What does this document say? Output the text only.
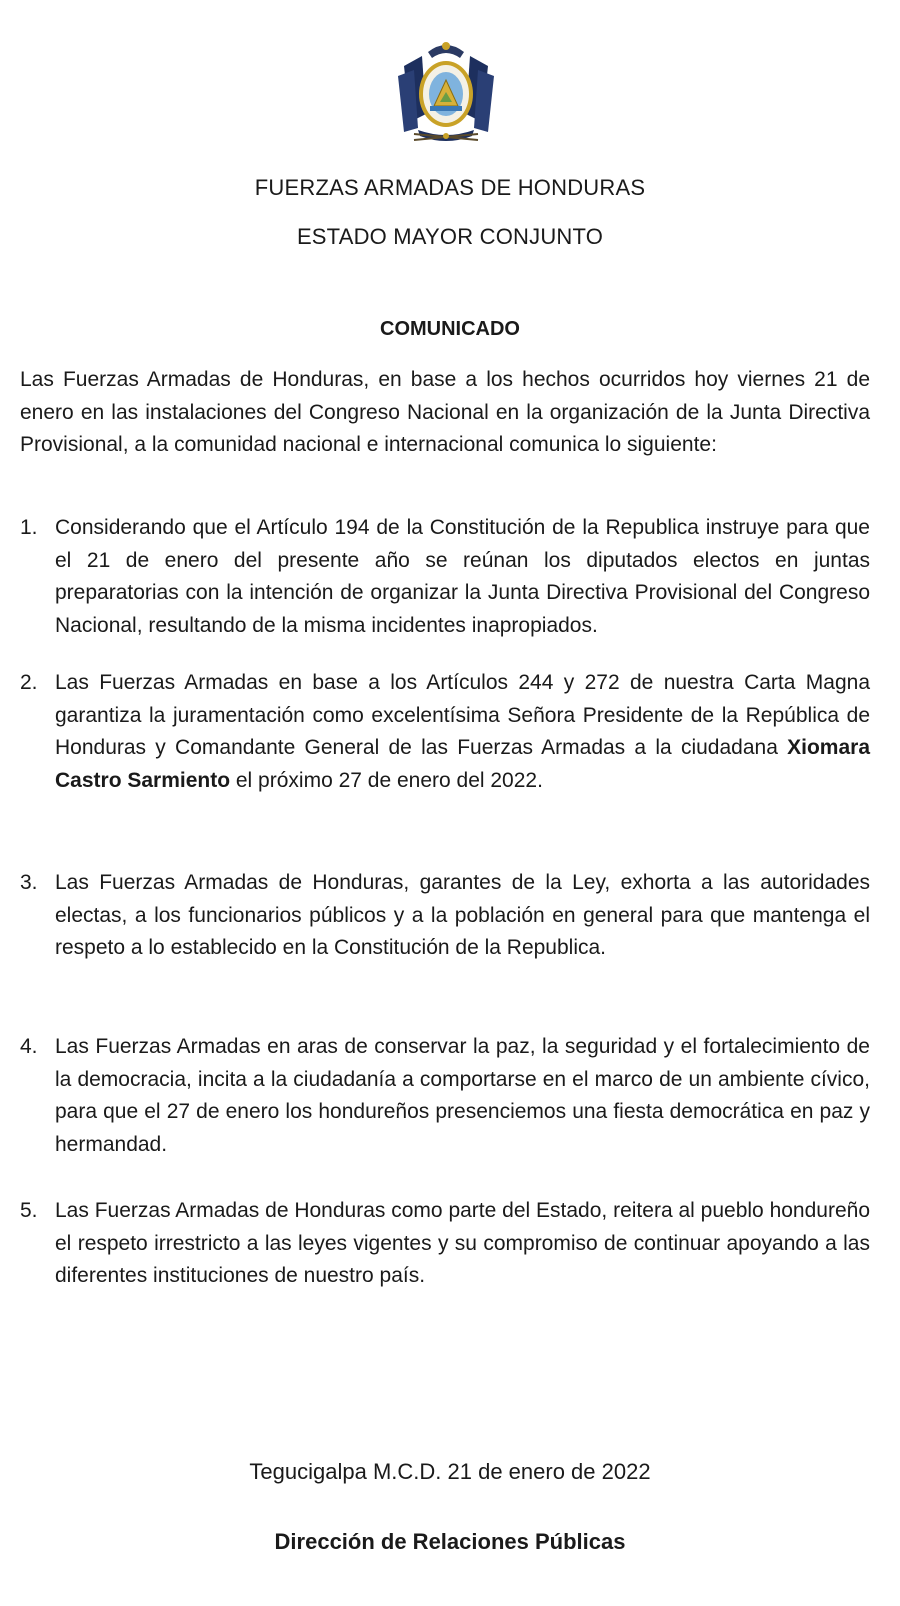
FUERZAS ARMADAS DE HONDURAS
ESTADO MAYOR CONJUNTO
COMUNICADO
Las Fuerzas Armadas de Honduras, en base a los hechos ocurridos hoy viernes 21 de enero en las instalaciones del Congreso Nacional en la organización de la Junta Directiva Provisional, a la comunidad nacional e internacional comunica lo siguiente:
1. Considerando que el Artículo 194 de la Constitución de la Republica instruye para que el 21 de enero del presente año se reúnan los diputados electos en juntas preparatorias con la intención de organizar la Junta Directiva Provisional del Congreso Nacional, resultando de la misma incidentes inapropiados.
2. Las Fuerzas Armadas en base a los Artículos 244 y 272 de nuestra Carta Magna garantiza la juramentación como excelentísima Señora Presidente de la República de Honduras y Comandante General de las Fuerzas Armadas a la ciudadana Xiomara Castro Sarmiento el próximo 27 de enero del 2022.
3. Las Fuerzas Armadas de Honduras, garantes de la Ley, exhorta a las autoridades electas, a los funcionarios públicos y a la población en general para que mantenga el respeto a lo establecido en la Constitución de la Republica.
4. Las Fuerzas Armadas en aras de conservar la paz, la seguridad y el fortalecimiento de la democracia, incita a la ciudadanía a comportarse en el marco de un ambiente cívico, para que el 27 de enero los hondureños presenciemos una fiesta democrática en paz y hermandad.
5. Las Fuerzas Armadas de Honduras como parte del Estado, reitera al pueblo hondureño el respeto irrestricto a las leyes vigentes y su compromiso de continuar apoyando a las diferentes instituciones de nuestro país.
Tegucigalpa M.C.D. 21 de enero de 2022
Dirección de Relaciones Públicas
